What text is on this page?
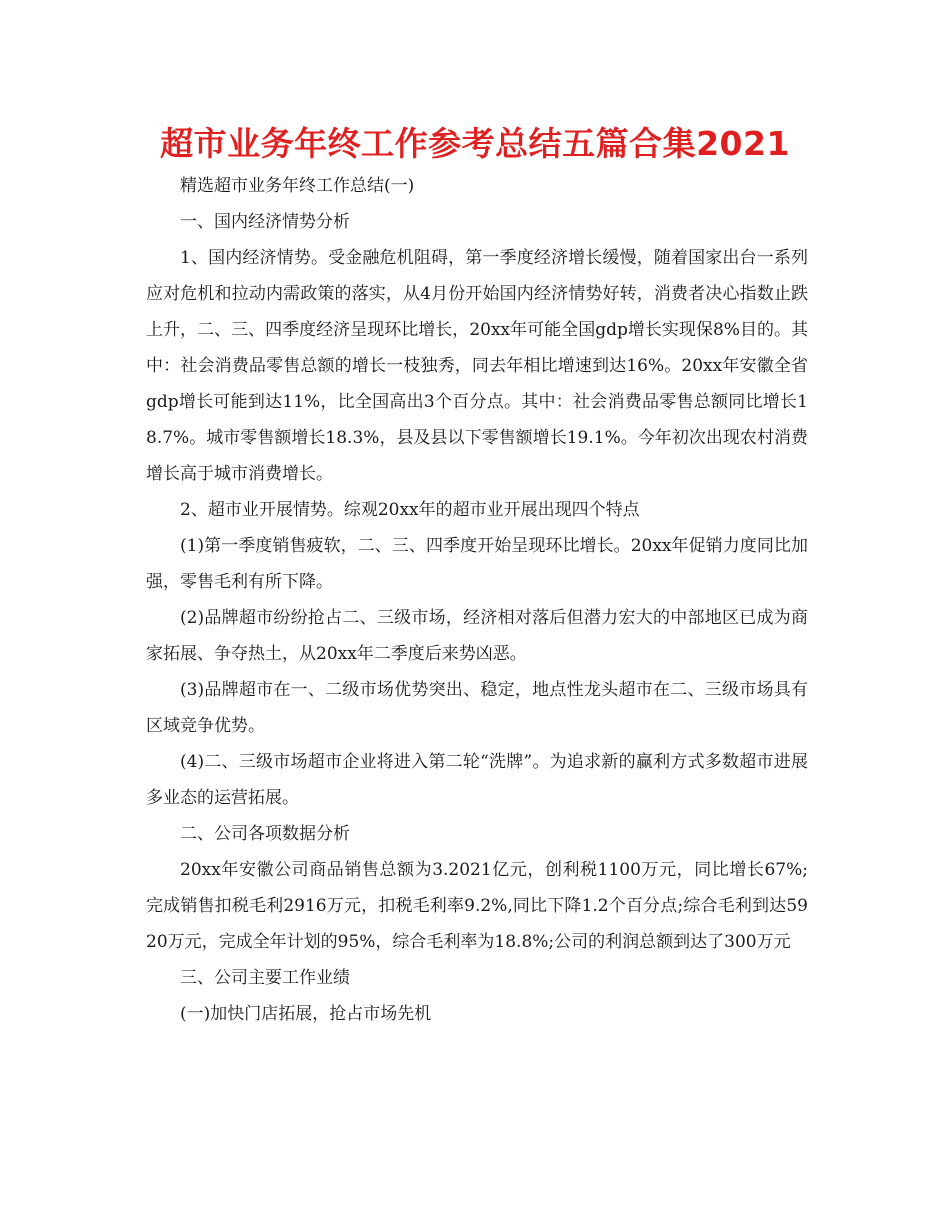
超市业务年终工作参考总结五篇合集2021

精选超市业务年终工作总结(一)

一、国内经济情势分析

1、国内经济情势。受金融危机阻碍，第一季度经济增长缓慢，随着国家出台一系列应对危机和拉动内需政策的落实，从4月份开始国内经济情势好转，消费者决心指数止跌上升，二、三、四季度经济呈现环比增长，20xx年可能全国gdp增长实现保8%目的。其中：社会消费品零售总额的增长一枝独秀，同去年相比增速到达16%。20xx年安徽全省gdp增长可能到达11%，比全国高出3个百分点。其中：社会消费品零售总额同比增长18.7%。城市零售额增长18.3%，县及县以下零售额增长19.1%。今年初次出现农村消费增长高于城市消费增长。

2、超市业开展情势。综观20xx年的超市业开展出现四个特点

(1)第一季度销售疲软，二、三、四季度开始呈现环比增长。20xx年促销力度同比加强，零售毛利有所下降。

(2)品牌超市纷纷抢占二、三级市场，经济相对落后但潜力宏大的中部地区已成为商家拓展、争夺热土，从20xx年二季度后来势凶恶。

(3)品牌超市在一、二级市场优势突出、稳定，地点性龙头超市在二、三级市场具有区域竞争优势。

(4)二、三级市场超市企业将进入第二轮“洗牌”。为追求新的赢利方式多数超市进展多业态的运营拓展。

二、公司各项数据分析

20xx年安徽公司商品销售总额为3.2021亿元，创利税1100万元，同比增长67%;完成销售扣税毛利2916万元，扣税毛利率9.2%,同比下降1.2个百分点;综合毛利到达5920万元，完成全年计划的95%，综合毛利率为18.8%;公司的利润总额到达了300万元

三、公司主要工作业绩

(一)加快门店拓展，抢占市场先机
